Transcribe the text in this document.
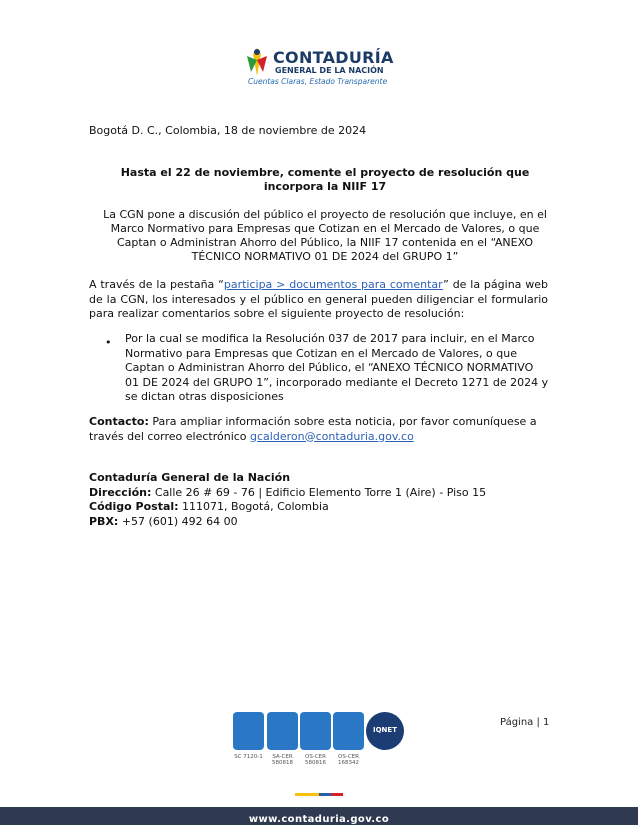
CONTADURÍA
GENERAL DE LA NACIÓN
Cuentas Claras, Estado Transparente
Bogotá D. C., Colombia, 18 de noviembre de 2024
Hasta el 22 de noviembre, comente el proyecto de resolución que incorpora la NIIF 17
La CGN pone a discusión del público el proyecto de resolución que incluye, en el Marco Normativo para Empresas que Cotizan en el Mercado de Valores, o que Captan o Administran Ahorro del Público, la NIIF 17 contenida en el “ANEXO TÉCNICO NORMATIVO 01 DE 2024 del GRUPO 1”
A través de la pestaña “participa > documentos para comentar” de la página web de la CGN, los interesados y el público en general pueden diligenciar el formulario para realizar comentarios sobre el siguiente proyecto de resolución:
• Por la cual se modifica la Resolución 037 de 2017 para incluir, en el Marco Normativo para Empresas que Cotizan en el Mercado de Valores, o que Captan o Administran Ahorro del Público, el “ANEXO TÉCNICO NORMATIVO 01 DE 2024 del GRUPO 1”, incorporado mediante el Decreto 1271 de 2024 y se dictan otras disposiciones
Contacto: Para ampliar información sobre esta noticia, por favor comuníquese a través del correo electrónico gcalderon@contaduria.gov.co
Contaduría General de la Nación
Dirección: Calle 26 # 69 - 76 | Edificio Elemento Torre 1 (Aire) - Piso 15
Código Postal: 111071, Bogotá, Colombia
PBX: +57 (601) 492 64 00
SC 7120-1	SA-CER 580818
OS-CER 580816
OS-CER 168342
IQNET
Página | 1
www.contaduria.gov.co
